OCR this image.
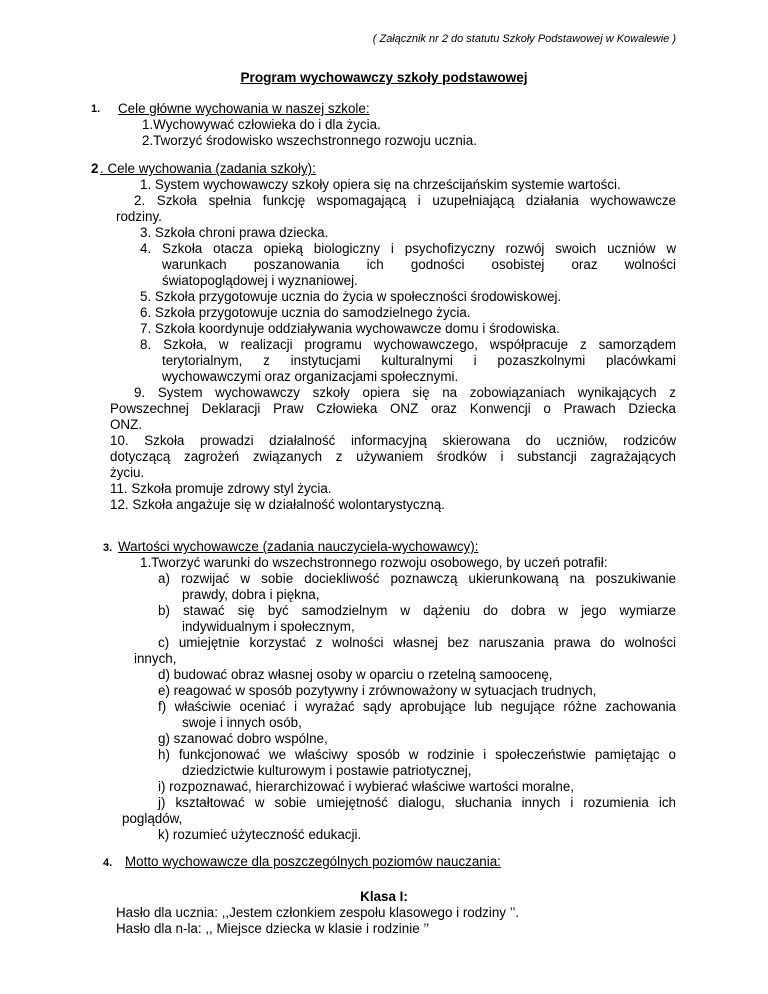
( Załącznik nr 2 do statutu Szkoły Podstawowej w Kowalewie )
Program wychowawczy szkoły podstawowej
1. Cele główne wychowania w naszej szkole:
1.Wychowywać człowieka do i dla życia.
2.Tworzyć środowisko wszechstronnego rozwoju ucznia.
2 . Cele wychowania (zadania szkoły):
1. System wychowawczy szkoły opiera się na chrześcijańskim systemie wartości.
2. Szkoła spełnia funkcję wspomagającą i uzupełniającą działania wychowawcze
rodziny.
3. Szkoła chroni prawa dziecka.
4. Szkoła otacza opieką biologiczny i psychofizyczny rozwój swoich uczniów w
warunkach poszanowania ich godności osobistej oraz wolności
światopoglądowej i wyznaniowej.
5. Szkoła przygotowuje ucznia do życia w społeczności środowiskowej.
6. Szkoła przygotowuje ucznia do samodzielnego życia.
7. Szkoła koordynuje oddziaływania wychowawcze domu i środowiska.
8. Szkoła, w realizacji programu wychowawczego, współpracuje z samorządem
terytorialnym, z instytucjami kulturalnymi i pozaszkolnymi placówkami
wychowawczymi oraz organizacjami społecznymi.
9. System wychowawczy szkoły opiera się na zobowiązaniach wynikających z
Powszechnej Deklaracji Praw Człowieka ONZ oraz Konwencji o Prawach Dziecka
ONZ.
10. Szkoła prowadzi działalność informacyjną skierowana do uczniów, rodziców
dotyczącą zagrożeń związanych z używaniem środków i substancji zagrażających
życiu.
11. Szkoła promuje zdrowy styl życia.
12. Szkoła angażuje się w działalność wolontarystyczną.
3. Wartości wychowawcze (zadania nauczyciela-wychowawcy):
1.Tworzyć warunki do wszechstronnego rozwoju osobowego, by uczeń potrafił:
a) rozwijać w sobie dociekliwość poznawczą ukierunkowaną na poszukiwanie
prawdy, dobra i piękna,
b) stawać się być samodzielnym w dążeniu do dobra w jego wymiarze
indywidualnym i społecznym,
c) umiejętnie korzystać z wolności własnej bez naruszania prawa do wolności
innych,
d) budować obraz własnej osoby w oparciu o rzetelną samoocenę,
e) reagować w sposób pozytywny i zrównoważony w sytuacjach trudnych,
f) właściwie oceniać i wyrażać sądy aprobujące lub negujące różne zachowania
swoje i innych osób,
g) szanować dobro wspólne,
h) funkcjonować we właściwy sposób w rodzinie i społeczeństwie pamiętając o
dziedzictwie kulturowym i postawie patriotycznej,
i) rozpoznawać, hierarchizować i wybierać właściwe wartości moralne,
j) kształtować w sobie umiejętność dialogu, słuchania innych i rozumienia ich
poglądów,
k) rozumieć użyteczność edukacji.
4. Motto wychowawcze dla poszczególnych poziomów nauczania:
Klasa I:
Hasło dla ucznia: ,,Jestem członkiem zespołu klasowego i rodziny ’’.
Hasło dla n-la: ,, Miejsce dziecka w klasie i rodzinie ’’
